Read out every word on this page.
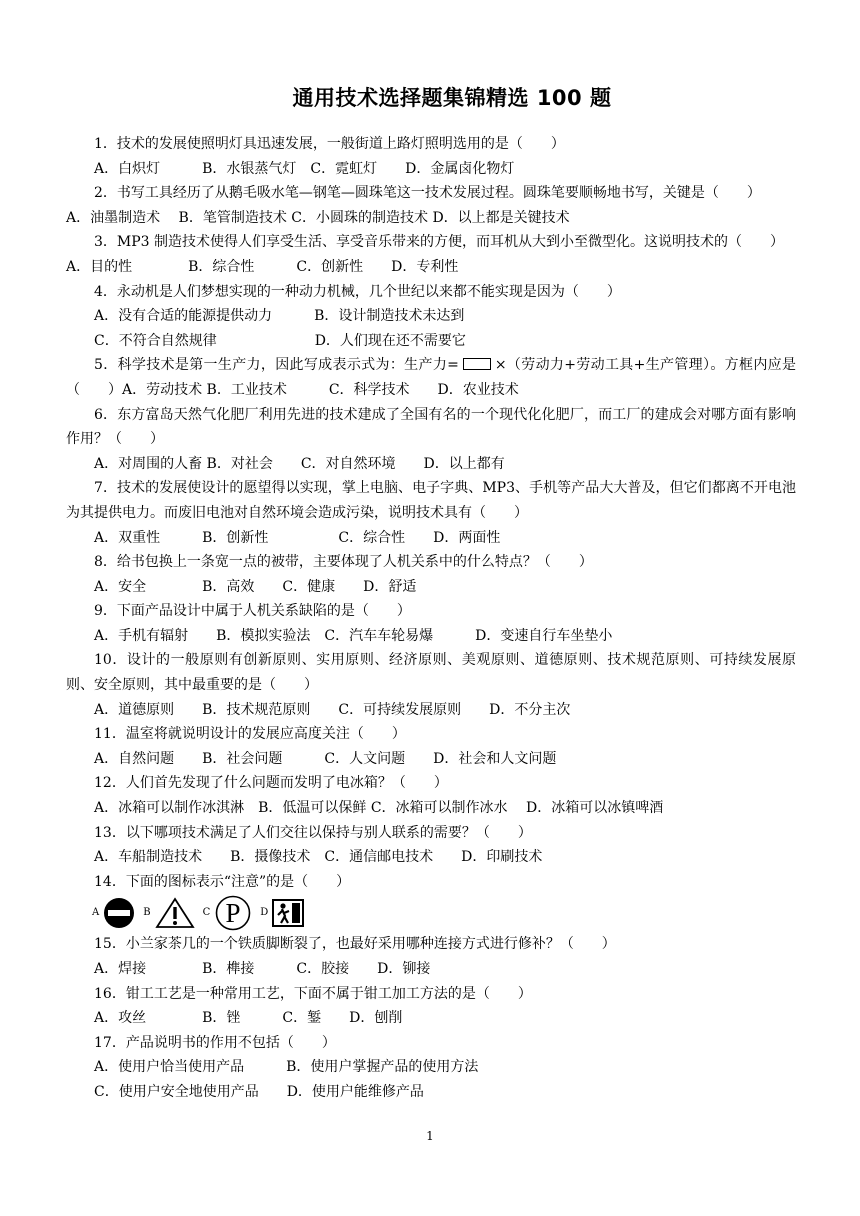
通用技术选择题集锦精选 100 题
1．技术的发展使照明灯具迅速发展，一般街道上路灯照明选用的是（　　）
A．白炽灯　　　B．水银蒸气灯　C．霓虹灯　　D．金属卤化物灯
2．书写工具经历了从鹅毛吸水笔—钢笔—圆珠笔这一技术发展过程。圆珠笔要顺畅地书写，关键是（　　）
A．油墨制造术　 B．笔管制造技术 C．小圆珠的制造技术 D．以上都是关键技术
3．MP3 制造技术使得人们享受生活、享受音乐带来的方便，而耳机从大到小至微型化。这说明技术的（　　）
A．目的性　　　　B．综合性　　　C．创新性　　D．专利性
4．永动机是人们梦想实现的一种动力机械，几个世纪以来都不能实现是因为（　　）
A．没有合适的能源提供动力　　　B．设计制造技术未达到
C．不符合自然规律　　　　　　　D．人们现在还不需要它
5．科学技术是第一生产力，因此写成表示式为：生产力=	×（劳动力+劳动工具+生产管理）。方框内应是（　　）A．劳动技术 B．工业技术　　　C．科学技术　　D．农业技术
6．东方富岛天然气化肥厂利用先进的技术建成了全国有名的一个现代化化肥厂，而工厂的建成会对哪方面有影响作用？（　　）
A．对周围的人畜 B．对社会　　C．对自然环境　　D．以上都有
7．技术的发展使设计的愿望得以实现，掌上电脑、电子字典、MP3、手机等产品大大普及，但它们都离不开电池为其提供电力。而废旧电池对自然环境会造成污染，说明技术具有（　　）
A．双重性　　　B．创新性　　　　　C．综合性　　D．两面性
8．给书包换上一条宽一点的被带，主要体现了人机关系中的什么特点？（　　）
A．安全　　　　B．高效　　C．健康　　D．舒适
9．下面产品设计中属于人机关系缺陷的是（　　）
A．手机有辐射　　B．模拟实验法　C．汽车车轮易爆　　　D．变速自行车坐垫小
10．设计的一般原则有创新原则、实用原则、经济原则、美观原则、道德原则、技术规范原则、可持续发展原则、安全原则，其中最重要的是（　　）
A．道德原则　　B．技术规范原则　　C．可持续发展原则　　D．不分主次
11．温室将就说明设计的发展应高度关注（　　）
A．自然问题　　B．社会问题　　　C．人文问题　　D．社会和人文问题
12．人们首先发现了什么问题而发明了电冰箱？（　　）
A．冰箱可以制作冰淇淋　B．低温可以保鲜 C．冰箱可以制作冰水　 D．冰箱可以冰镇啤酒
13．以下哪项技术满足了人们交往以保持与别人联系的需要？（　　）
A．车船制造技术　　B．摄像技术　C．通信邮电技术　　D．印刷技术
14．下面的图标表示“注意”的是（　　）
A	B	C P D
15．小兰家茶几的一个铁质脚断裂了，也最好采用哪种连接方式进行修补？（　　）
A．焊接　　　　B．榫接　　　C．胶接　　D．铆接
16．钳工工艺是一种常用工艺，下面不属于钳工加工方法的是（　　）
A．攻丝　　　　B．锉　　　C．錾　　D．刨削
17．产品说明书的作用不包括（　　）
A．使用户恰当使用产品　　　B．使用户掌握产品的使用方法
C．使用户安全地使用产品　　D．使用户能维修产品
1
